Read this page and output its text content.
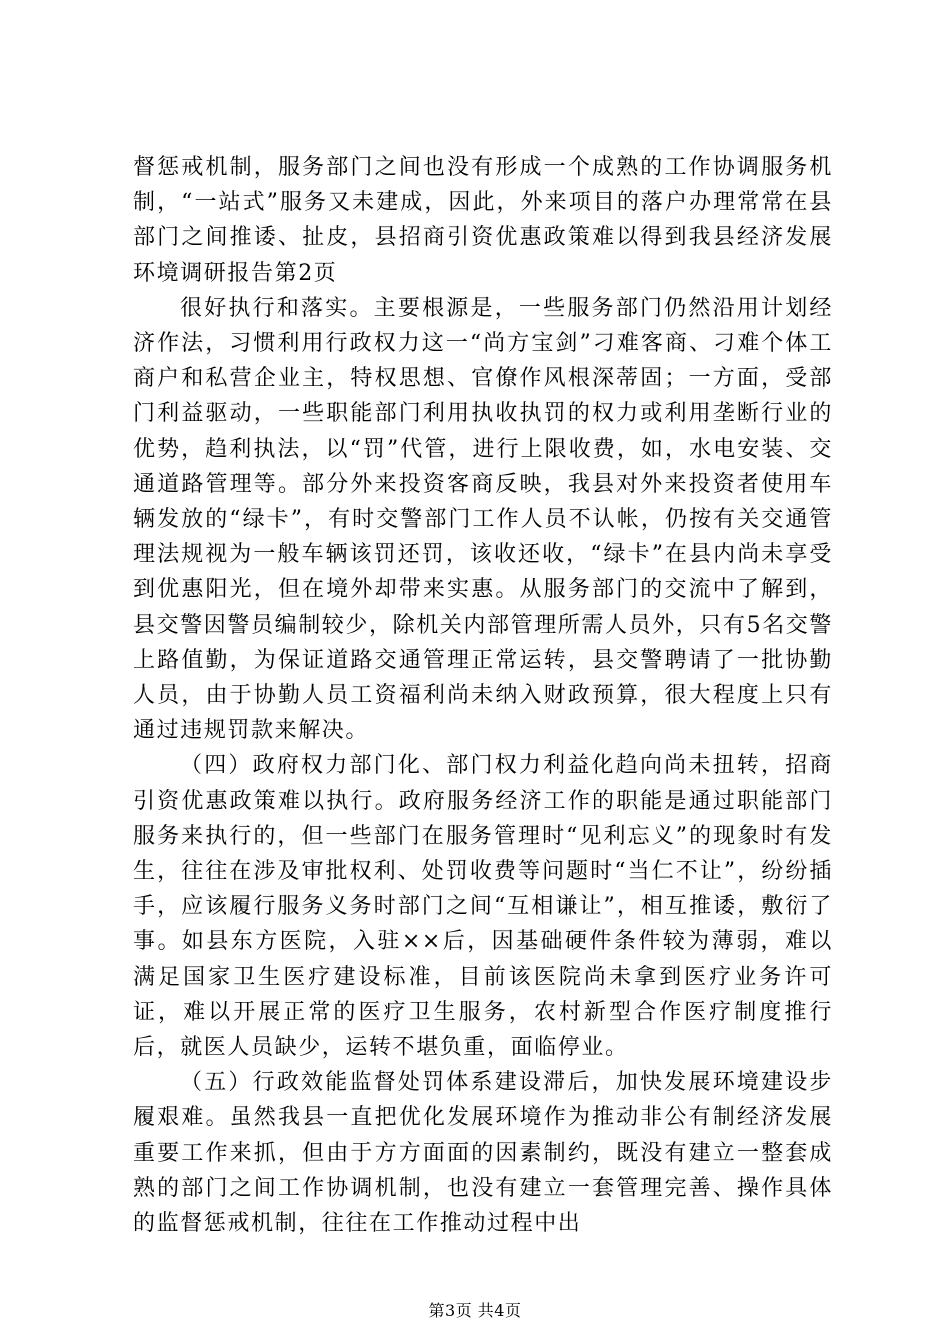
督惩戒机制，服务部门之间也没有形成一个成熟的工作协调服务机制，“一站式”服务又未建成，因此，外来项目的落户办理常常在县部门之间推诿、扯皮，县招商引资优惠政策难以得到我县经济发展环境调研报告第2页

很好执行和落实。主要根源是，一些服务部门仍然沿用计划经济作法，习惯利用行政权力这一“尚方宝剑”刁难客商、刁难个体工商户和私营企业主，特权思想、官僚作风根深蒂固；一方面，受部门利益驱动，一些职能部门利用执收执罚的权力或利用垄断行业的优势，趋利执法，以“罚”代管，进行上限收费，如，水电安装、交通道路管理等。部分外来投资客商反映，我县对外来投资者使用车辆发放的“绿卡”，有时交警部门工作人员不认帐，仍按有关交通管理法规视为一般车辆该罚还罚，该收还收，“绿卡”在县内尚未享受到优惠阳光，但在境外却带来实惠。从服务部门的交流中了解到，县交警因警员编制较少，除机关内部管理所需人员外，只有5名交警上路值勤，为保证道路交通管理正常运转，县交警聘请了一批协勤人员，由于协勤人员工资福利尚未纳入财政预算，很大程度上只有通过违规罚款来解决。

（四）政府权力部门化、部门权力利益化趋向尚未扭转，招商引资优惠政策难以执行。政府服务经济工作的职能是通过职能部门服务来执行的，但一些部门在服务管理时“见利忘义”的现象时有发生，往往在涉及审批权利、处罚收费等问题时“当仁不让”，纷纷插手，应该履行服务义务时部门之间“互相谦让”，相互推诿，敷衍了事。如县东方医院，入驻××后，因基础硬件条件较为薄弱，难以满足国家卫生医疗建设标准，目前该医院尚未拿到医疗业务许可证，难以开展正常的医疗卫生服务，农村新型合作医疗制度推行后，就医人员缺少，运转不堪负重，面临停业。

（五）行政效能监督处罚体系建设滞后，加快发展环境建设步履艰难。虽然我县一直把优化发展环境作为推动非公有制经济发展重要工作来抓，但由于方方面面的因素制约，既没有建立一整套成熟的部门之间工作协调机制，也没有建立一套管理完善、操作具体的监督惩戒机制，往往在工作推动过程中出

第3页 共4页
